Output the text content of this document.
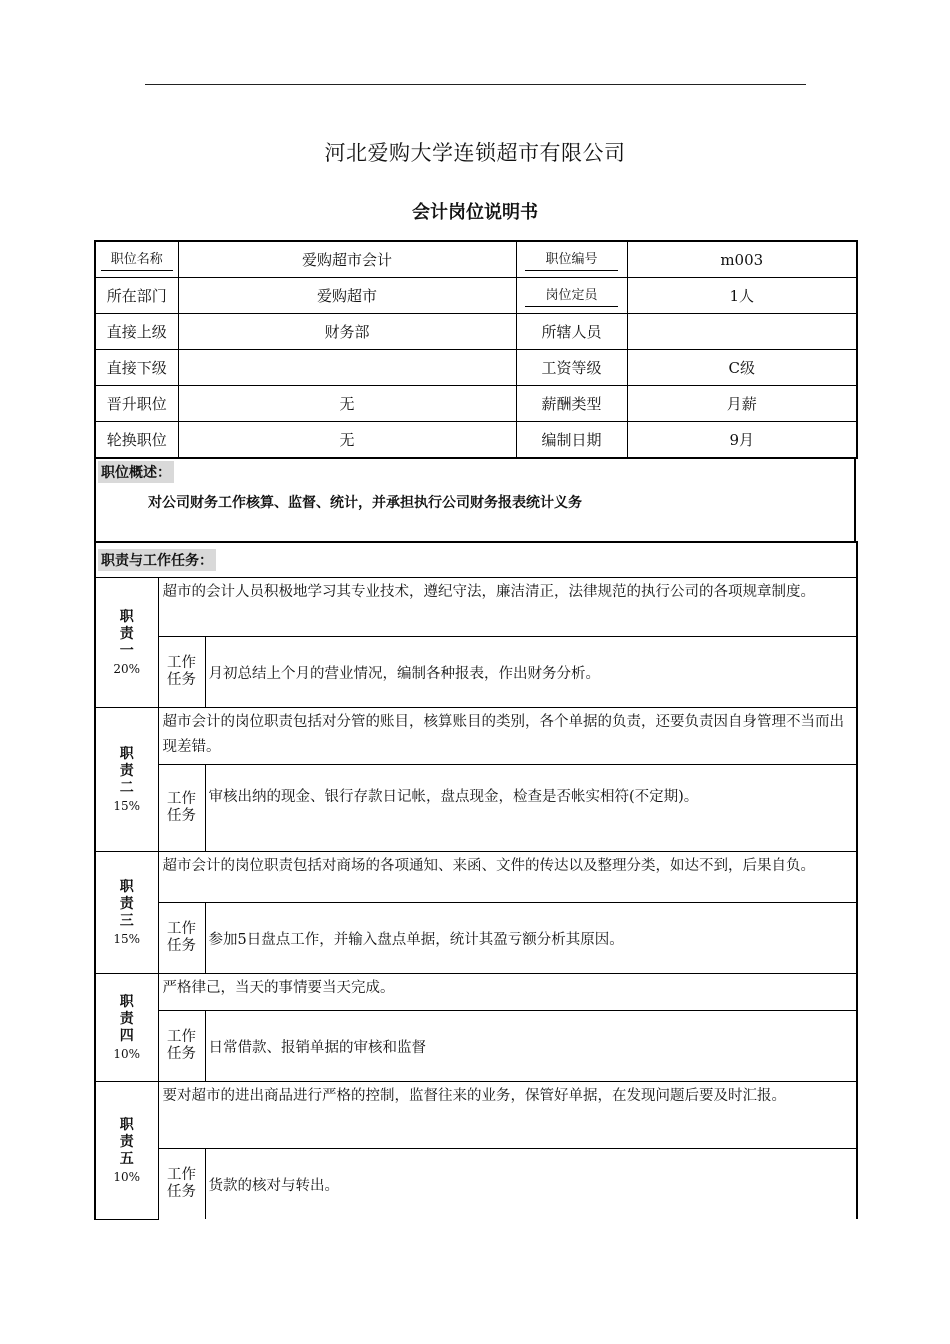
河北爱购大学连锁超市有限公司
会计岗位说明书
职位名称	爱购超市会计	职位编号	m003
所在部门	爱购超市	岗位定员	1人
直接上级	财务部	所辖人员	
直接下级		工资等级	C级
晋升职位	无	薪酬类型	月薪
轮换职位	无	编制日期	9月
职位概述：
对公司财务工作核算、监督、统计，并承担执行公司财务报表统计义务
职责与工作任务：		

职责一
20%	超市的会计人员积极地学习其专业技术，遵纪守法，廉洁清正，法律规范的执行公司的各项规章制度。	

	工作任务	月初总结上个月的营业情况，编制各种报表，作出财务分析。

职责二
15%	超市会计的岗位职责包括对分管的账目，核算账目的类别，各个单据的负责，还要负责因自身管理不当而出现差错。	

	工作任务	审核出纳的现金、银行存款日记帐，盘点现金，检查是否帐实相符(不定期)。

职责三
15%	超市会计的岗位职责包括对商场的各项通知、来函、文件的传达以及整理分类，如达不到，后果自负。	

	工作任务	参加5日盘点工作，并输入盘点单据，统计其盈亏额分析其原因。

职责四
10%	严格律己，当天的事情要当天完成。	

	工作任务	日常借款、报销单据的审核和监督

职责五
10%	要对超市的进出商品进行严格的控制，监督往来的业务，保管好单据，在发现问题后要及时汇报。	

	工作任务	货款的核对与转出。
